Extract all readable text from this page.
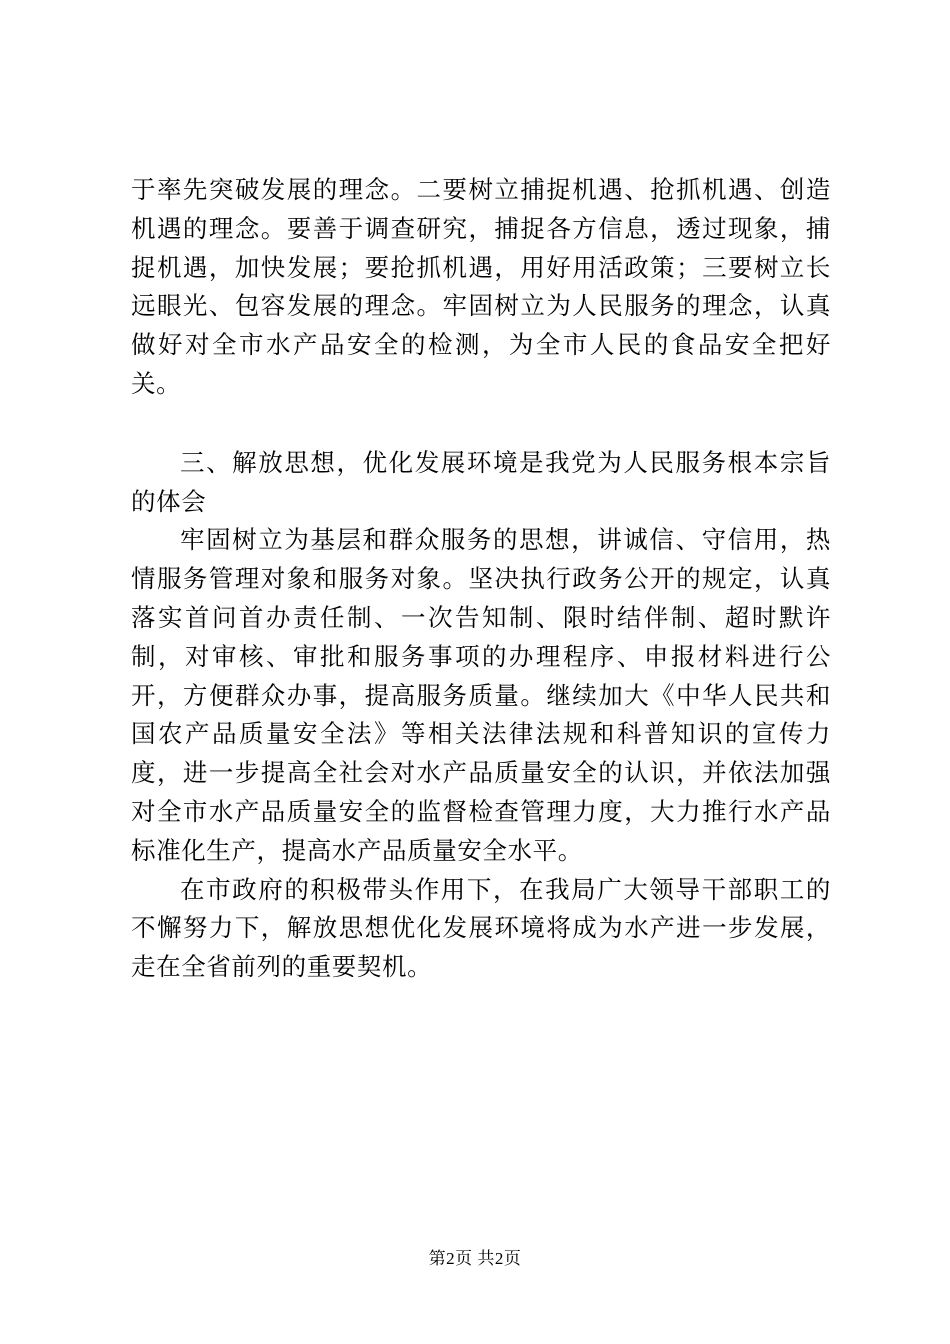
于率先突破发展的理念。二要树立捕捉机遇、抢抓机遇、创造机遇的理念。要善于调查研究，捕捉各方信息，透过现象，捕捉机遇，加快发展；要抢抓机遇，用好用活政策；三要树立长远眼光、包容发展的理念。牢固树立为人民服务的理念，认真做好对全市水产品安全的检测，为全市人民的食品安全把好关。

三、解放思想，优化发展环境是我党为人民服务根本宗旨的体会

牢固树立为基层和群众服务的思想，讲诚信、守信用，热情服务管理对象和服务对象。坚决执行政务公开的规定，认真落实首问首办责任制、一次告知制、限时结伴制、超时默许制，对审核、审批和服务事项的办理程序、申报材料进行公开，方便群众办事，提高服务质量。继续加大《中华人民共和国农产品质量安全法》等相关法律法规和科普知识的宣传力度，进一步提高全社会对水产品质量安全的认识，并依法加强对全市水产品质量安全的监督检查管理力度，大力推行水产品标准化生产，提高水产品质量安全水平。

在市政府的积极带头作用下，在我局广大领导干部职工的不懈努力下，解放思想优化发展环境将成为水产进一步发展，走在全省前列的重要契机。

第2页 共2页
